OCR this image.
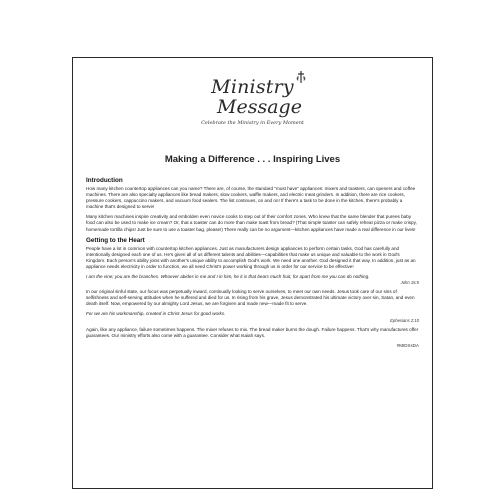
Ministry
Message
Celebrate the Ministry in Every Moment
Making a Difference . . . Inspiring Lives
Introduction

How many kitchen countertop appliances can you name? There are, of course, the standard "must have" appliances: mixers and toasters, can openers and coffee machines. There are also specialty appliances like bread makers, slow cookers, waffle makers, and electric meat grinders. In addition, there are rice cookers, pressure cookers, cappuccino makers, and vacuum food sealers. The list continues, on and on! If there's a task to be done in the kitchen, there's probably a machine that's designed to serve!

Many kitchen machines inspire creativity and embolden even novice cooks to step out of their comfort zones. Who knew that the same blender that purees baby food can also be used to make ice cream? Or, that a toaster can do more than make toast from bread? (That simple toaster can safely reheat pizza or make crispy, homemade tortilla chips! Just be sure to use a toaster bag, please!) There really can be no argument—kitchen appliances have made a real difference in our lives!

Getting to the Heart

People have a lot in common with countertop kitchen appliances. Just as manufacturers design appliances to perform certain tasks, God has carefully and intentionally designed each one of us. He's given all of us different talents and abilities—capabilities that make us unique and valuable to the work in God's Kingdom. Each person's ability joins with another's unique ability to accomplish God's work. We need one another. God designed it that way. In addition, just as an appliance needs electricity in order to function, we all need Christ's power working through us in order for our service to be effective!

I am the vine; you are the branches. Whoever abides in me and I in him, he it is that bears much fruit, for apart from me you can do nothing.

John 15:5

In our original sinful state, our focus was perpetually inward, continually looking to serve ourselves, to meet our own needs. Jesus took care of our sins of selfishness and self-serving attitudes when he suffered and died for us. In rising from his grave, Jesus demonstrated his ultimate victory over sin, Satan, and even death itself. Now, empowered by our almighty Lord Jesus, we are forgiven and made new—made fit to serve.

For we are his workmanship, created in Christ Jesus for good works.

Ephesians 2:10

Again, like any appliance, failure sometimes happens. The mixer refuses to mix. The bread maker burns the dough. Failure happens. That's why manufactures offer guarantees. Our ministry efforts also come with a guarantee. Consider what Isaiah says.

#MIDXsDA
